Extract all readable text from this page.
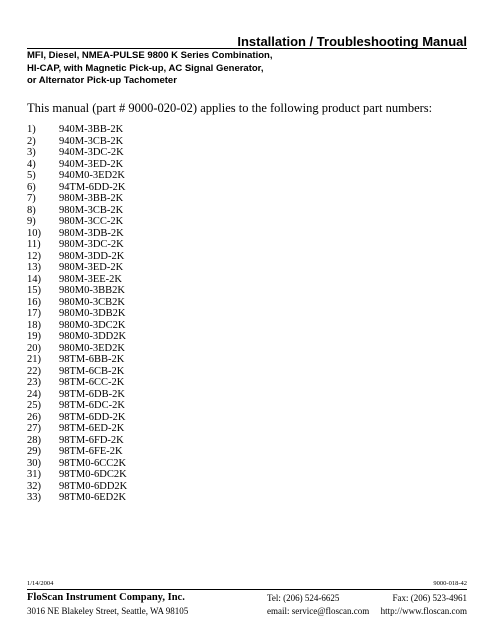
Installation / Troubleshooting Manual
MFI, Diesel, NMEA-PULSE 9800 K Series Combination,
HI-CAP, with Magnetic Pick-up, AC Signal Generator,
or Alternator Pick-up Tachometer
This manual (part # 9000-020-02) applies to the following product part numbers:
1)	940M-3BB-2K
2)	940M-3CB-2K
3)	940M-3DC-2K
4)	940M-3ED-2K
5)	940M0-3ED2K
6)	94TM-6DD-2K
7)	980M-3BB-2K
8)	980M-3CB-2K
9)	980M-3CC-2K
10)	980M-3DB-2K
11)	980M-3DC-2K
12)	980M-3DD-2K
13)	980M-3ED-2K
14)	980M-3EE-2K
15)	980M0-3BB2K
16)	980M0-3CB2K
17)	980M0-3DB2K
18)	980M0-3DC2K
19)	980M0-3DD2K
20)	980M0-3ED2K
21)	98TM-6BB-2K
22)	98TM-6CB-2K
23)	98TM-6CC-2K
24)	98TM-6DB-2K
25)	98TM-6DC-2K
26)	98TM-6DD-2K
27)	98TM-6ED-2K
28)	98TM-6FD-2K
29)	98TM-6FE-2K
30)	98TM0-6CC2K
31)	98TM0-6DC2K
32)	98TM0-6DD2K
33)	98TM0-6ED2K
1/14/2004	9000-018-42
FloScan Instrument Company, Inc.
3016 NE Blakeley Street, Seattle, WA 98105
Tel: (206) 524-6625	Fax: (206) 523-4961
email: service@floscan.com http://www.floscan.com
